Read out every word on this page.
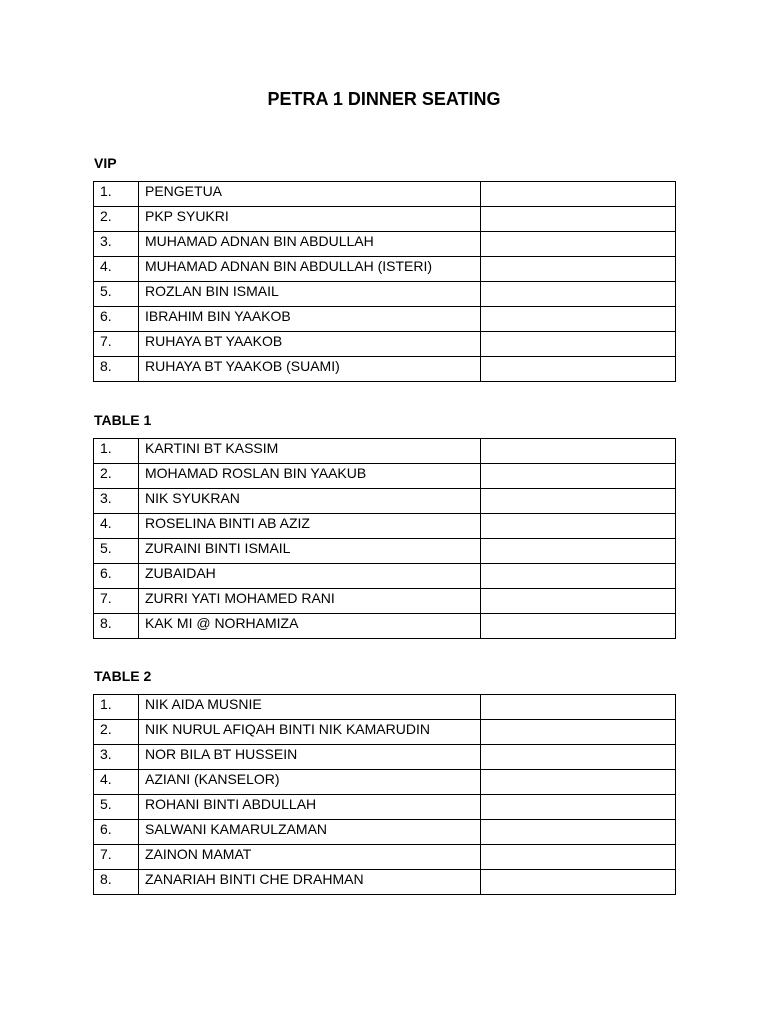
PETRA 1 DINNER SEATING
VIP
1.	PENGETUA	
2.	PKP SYUKRI	
3.	MUHAMAD ADNAN BIN ABDULLAH	
4.	MUHAMAD ADNAN BIN ABDULLAH (ISTERI)	
5.	ROZLAN BIN ISMAIL	
6.	IBRAHIM BIN YAAKOB	
7.	RUHAYA BT YAAKOB	
8.	RUHAYA BT YAAKOB (SUAMI)	
TABLE 1
1.	KARTINI BT KASSIM	
2.	MOHAMAD ROSLAN BIN YAAKUB	
3.	NIK SYUKRAN	
4.	ROSELINA BINTI AB AZIZ	
5.	ZURAINI BINTI ISMAIL	
6.	ZUBAIDAH	
7.	ZURRI YATI MOHAMED RANI	
8.	KAK MI @ NORHAMIZA	
TABLE 2
1.	NIK AIDA MUSNIE	
2.	NIK NURUL AFIQAH BINTI NIK KAMARUDIN	
3.	NOR BILA BT HUSSEIN	
4.	AZIANI (KANSELOR)	
5.	ROHANI BINTI ABDULLAH	
6.	SALWANI KAMARULZAMAN	
7.	ZAINON MAMAT	
8.	ZANARIAH BINTI CHE DRAHMAN	
